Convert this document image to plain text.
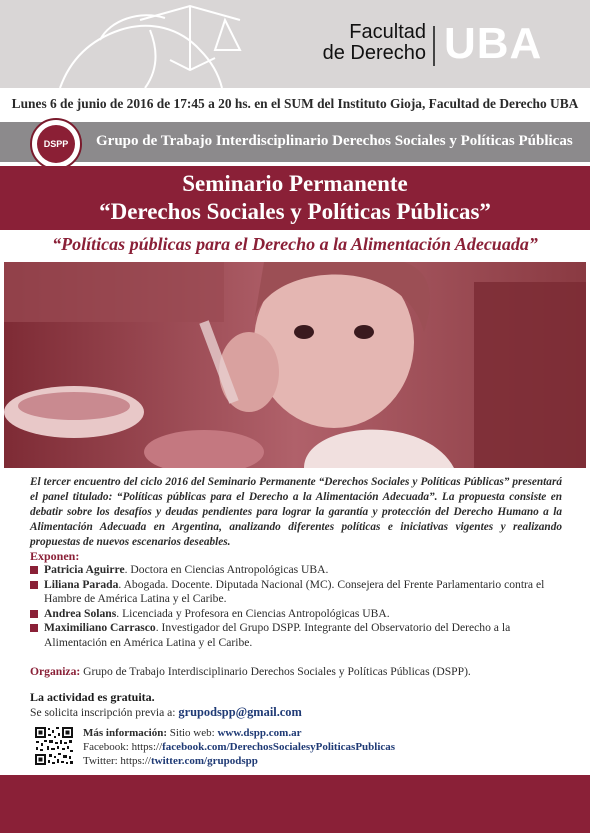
Facultad
de Derecho UBA
Lunes 6 de junio de 2016 de 17:45 a 20 hs. en el SUM del Instituto Gioja, Facultad de Derecho UBA
DSPP	Grupo de Trabajo Interdisciplinario Derechos Sociales y Políticas Públicas
Seminario Permanente
“Derechos Sociales y Políticas Públicas”
“Políticas públicas para el Derecho a la Alimentación Adecuada”
El tercer encuentro del ciclo 2016 del Seminario Permanente “Derechos Sociales y Políticas Públicas” presentará el panel titulado: “Políticas públicas para el Derecho a la Alimentación Adecuada”. La propuesta consiste en debatir sobre los desafíos y deudas pendientes para lograr la garantía y protección del Derecho Humano a la Alimentación Adecuada en Argentina, analizando diferentes políticas e iniciativas vigentes y realizando propuestas de nuevos escenarios deseables.
Exponen:
Patricia Aguirre. Doctora en Ciencias Antropológicas UBA.
Liliana Parada. Abogada. Docente. Diputada Nacional (MC). Consejera del Frente Parlamentario contra el Hambre de América Latina y el Caribe.
Andrea Solans. Licenciada y Profesora en Ciencias Antropológicas UBA.
Maximiliano Carrasco. Investigador del Grupo DSPP. Integrante del Observatorio del Derecho a la Alimentación en América Latina y el Caribe.
Organiza: Grupo de Trabajo Interdisciplinario Derechos Sociales y Políticas Públicas (DSPP).
La actividad es gratuita.
Se solicita inscripción previa a: grupodspp@gmail.com
Más información: Sitio web: www.dspp.com.ar
Facebook: https://facebook.com/DerechosSocialesyPoliticasPublicas
Twitter: https://twitter.com/grupodspp
